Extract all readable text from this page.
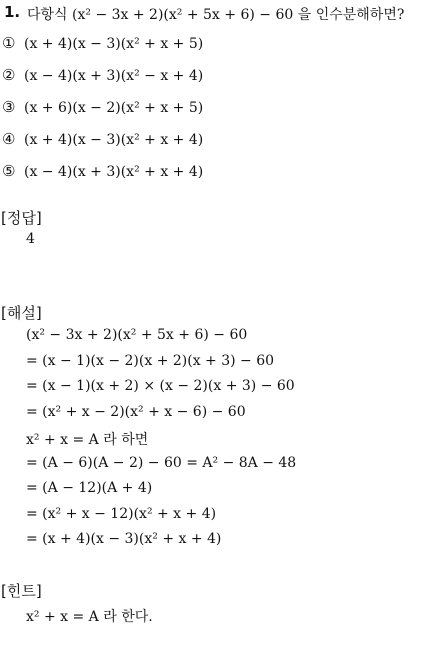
1. 다항식 (x² − 3x + 2)(x² + 5x + 6) − 60 을 인수분해하면?
① (x + 4)(x − 3)(x² + x + 5)
② (x − 4)(x + 3)(x² − x + 4)
③ (x + 6)(x − 2)(x² + x + 5)
④ (x + 4)(x − 3)(x² + x + 4)
⑤ (x − 4)(x + 3)(x² + x + 4)
[정답]
4
[해설]
(x² − 3x + 2)(x² + 5x + 6) − 60
= (x − 1)(x − 2)(x + 2)(x + 3) − 60
= (x − 1)(x + 2) × (x − 2)(x + 3) − 60
= (x² + x − 2)(x² + x − 6) − 60
x² + x = A 라 하면
= (A − 6)(A − 2) − 60 = A² − 8A − 48
= (A − 12)(A + 4)
= (x² + x − 12)(x² + x + 4)
= (x + 4)(x − 3)(x² + x + 4)
[힌트]
x² + x = A 라 한다.
